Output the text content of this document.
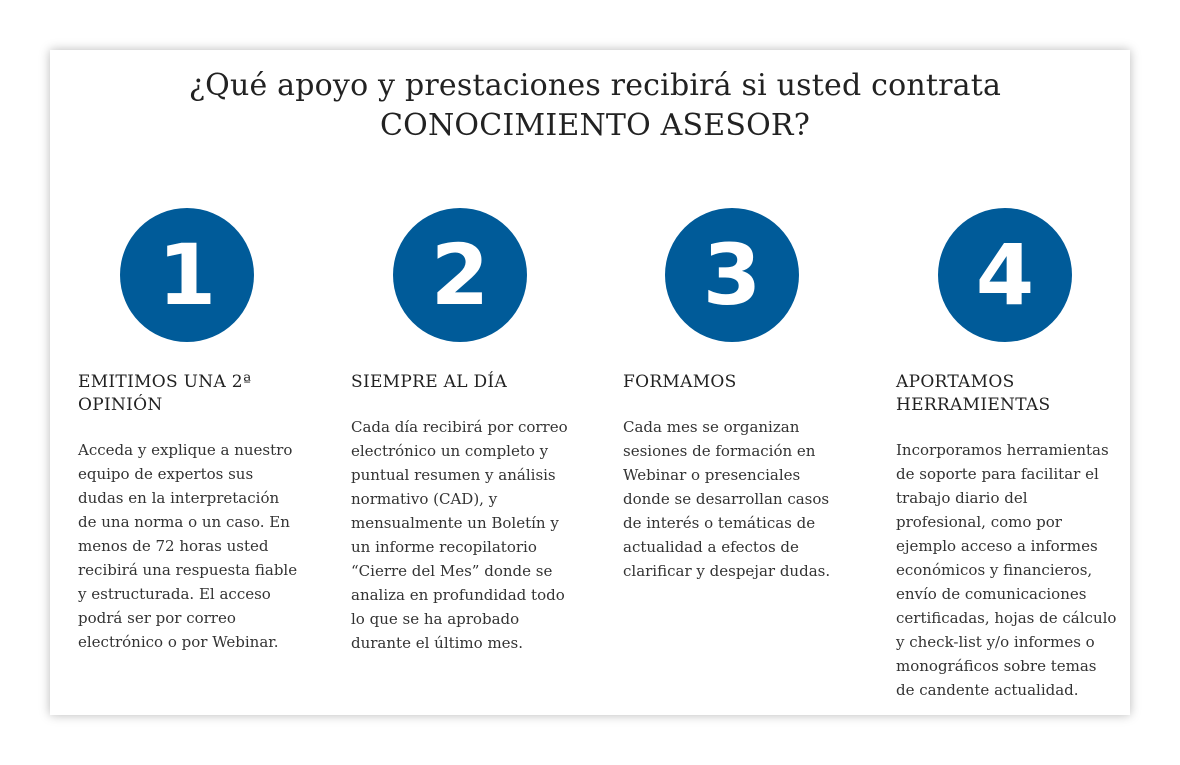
¿Qué apoyo y prestaciones recibirá si usted contrata
CONOCIMIENTO ASESOR?
1
EMITIMOS UNA 2ª OPINIÓN

Acceda y explique a nuestro equipo de expertos sus dudas en la interpretación de una norma o un caso. En menos de 72 horas usted recibirá una respuesta fiable y estructurada. El acceso podrá ser por correo electrónico o por Webinar.

2
SIEMPRE AL DÍA

Cada día recibirá por correo electrónico un completo y puntual resumen y análisis normativo (CAD), y mensualmente un Boletín y un informe recopilatorio “Cierre del Mes” donde se analiza en profundidad todo lo que se ha aprobado durante el último mes.

3
FORMAMOS

Cada mes se organizan sesiones de formación en Webinar o presenciales donde se desarrollan casos de interés o temáticas de actualidad a efectos de clarificar y despejar dudas.

4
APORTAMOS HERRAMIENTAS

Incorporamos herramientas de soporte para facilitar el trabajo diario del profesional, como por ejemplo acceso a informes económicos y financieros, envío de comunicaciones certificadas, hojas de cálculo y check-list y/o informes o monográficos sobre temas de candente actualidad.
